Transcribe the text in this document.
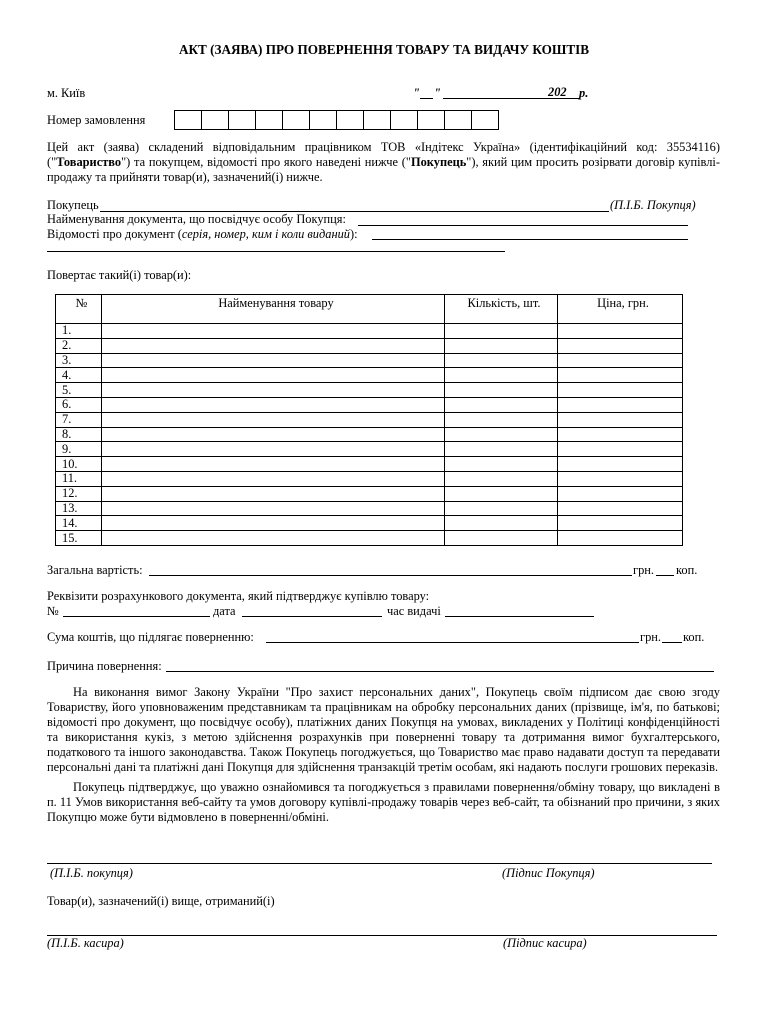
АКТ (ЗАЯВА) ПРО ПОВЕРНЕННЯ ТОВАРУ ТА ВИДАЧУ КОШТІВ
м. Київ	" "	202 р.
Номер замовлення
Цей акт (заява) складений відповідальним працівником ТОВ «Індітекс Україна» (ідентифікаційний код: 35534116) ("Товариство") та покупцем, відомості про якого наведені нижче ("Покупець"), який цим просить розірвати договір купівлі-продажу та прийняти товар(и), зазначений(і) нижче.
Покупець	(П.І.Б. Покупця)
Найменування документа, що посвідчує особу Покупця:
Відомості про документ (серія, номер, ким і коли виданий):
Повертає такий(і) товар(и):
№	Найменування товару	Кількість, шт.	Ціна, грн.
1.			
2.			
3.			
4.			
5.			
6.			
7.			
8.			
9.			
10.			
11.			
12.			
13.			
14.			
15.			
Загальна вартість:	грн. коп.
Реквізити розрахункового документа, який підтверджує купівлю товару:
№	дата	час видачі
Сума коштів, що підлягає поверненню:	грн. коп.
Причина повернення:
На виконання вимог Закону України "Про захист персональних даних", Покупець своїм підписом дає свою згоду Товариству, його уповноваженим представникам та працівникам на обробку персональних даних (прізвище, ім'я, по батькові; відомості про документ, що посвідчує особу), платіжних даних Покупця на умовах, викладених у Політиці конфіденційності та використання кукіз, з метою здійснення розрахунків при поверненні товару та дотримання вимог бухгалтерського, податкового та іншого законодавства. Також Покупець погоджується, що Товариство має право надавати доступ та передавати персональні дані та платіжні дані Покупця для здійснення транзакцій третім особам, які надають послуги грошових переказів.
Покупець підтверджує, що уважно ознайомився та погоджується з правилами повернення/обміну товару, що викладені в п. 11 Умов використання веб-сайту та умов договору купівлі-продажу товарів через веб-сайт, та обізнаний про причини, з яких Покупцю може бути відмовлено в поверненні/обміні.
(П.І.Б. покупця)	(Підпис Покупця)
Товар(и), зазначений(і) вище, отриманий(і)
(П.І.Б. касира)	(Підпис касира)
